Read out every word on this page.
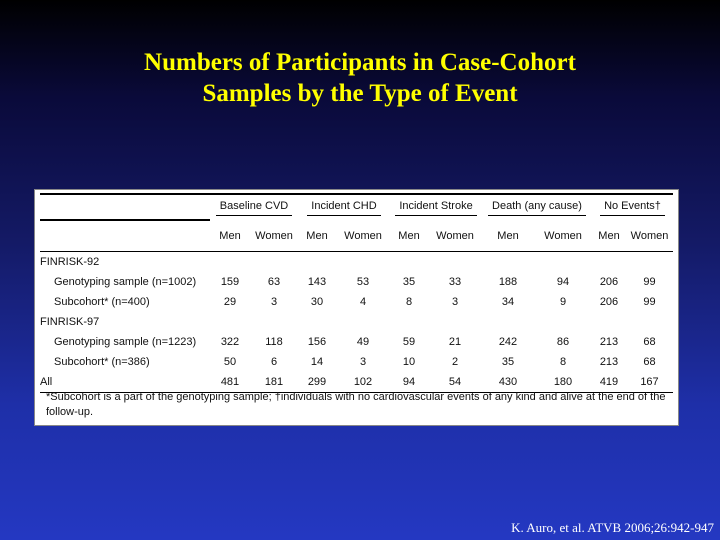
Numbers of Participants in Case-Cohort
Samples by the Type of Event
	Baseline CVD		Incident CHD		Incident Stroke		Death (any cause)		No Events†	
	Men	Women	Men	Women	Men	Women	Men	Women	Men	Women
FINRISK-92										
Genotyping sample (n=1002)	159	63	143	53	35	33	188	94	206	99
Subcohort* (n=400)	29	3	30	4	8	3	34	9	206	99
FINRISK-97										
Genotyping sample (n=1223)	322	118	156	49	59	21	242	86	213	68
Subcohort* (n=386)	50	6	14	3	10	2	35	8	213	68
All	481	181	299	102	94	54	430	180	419	167
*Subcohort is a part of the genotyping sample; †individuals with no cardiovascular events of any kind and alive at the end of the follow-up.
K. Auro, et al. ATVB 2006;26:942-947
